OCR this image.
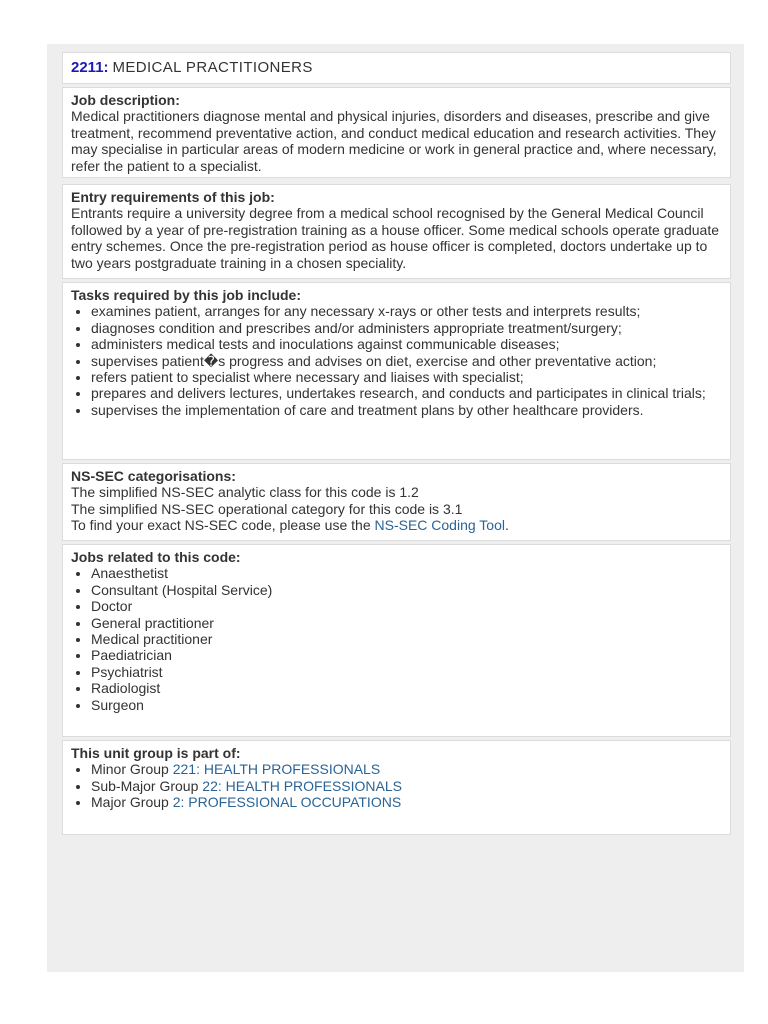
2211: MEDICAL PRACTITIONERS
Job description:

Medical practitioners diagnose mental and physical injuries, disorders and diseases, prescribe and give treatment, recommend preventative action, and conduct medical education and research activities. They may specialise in particular areas of modern medicine or work in general practice and, where necessary, refer the patient to a specialist.

Entry requirements of this job:

Entrants require a university degree from a medical school recognised by the General Medical Council followed by a year of pre-registration training as a house officer. Some medical schools operate graduate entry schemes. Once the pre-registration period as house officer is completed, doctors undertake up to two years postgraduate training in a chosen speciality.

Tasks required by this job include:
• examines patient, arranges for any necessary x-rays or other tests and interprets results;
• diagnoses condition and prescribes and/or administers appropriate treatment/surgery;
• administers medical tests and inoculations against communicable diseases;
• supervises patient�s progress and advises on diet, exercise and other preventative action;
• refers patient to specialist where necessary and liaises with specialist;
• prepares and delivers lectures, undertakes research, and conducts and participates in clinical trials;
• supervises the implementation of care and treatment plans by other healthcare providers.
NS-SEC categorisations:

The simplified NS-SEC analytic class for this code is 1.2

The simplified NS-SEC operational category for this code is 3.1

To find your exact NS-SEC code, please use the NS-SEC Coding Tool.

Jobs related to this code:
• Anaesthetist
• Consultant (Hospital Service)
• Doctor
• General practitioner
• Medical practitioner
• Paediatrician
• Psychiatrist
• Radiologist
• Surgeon
This unit group is part of:
• Minor Group 221: HEALTH PROFESSIONALS
• Sub-Major Group 22: HEALTH PROFESSIONALS
• Major Group 2: PROFESSIONAL OCCUPATIONS
